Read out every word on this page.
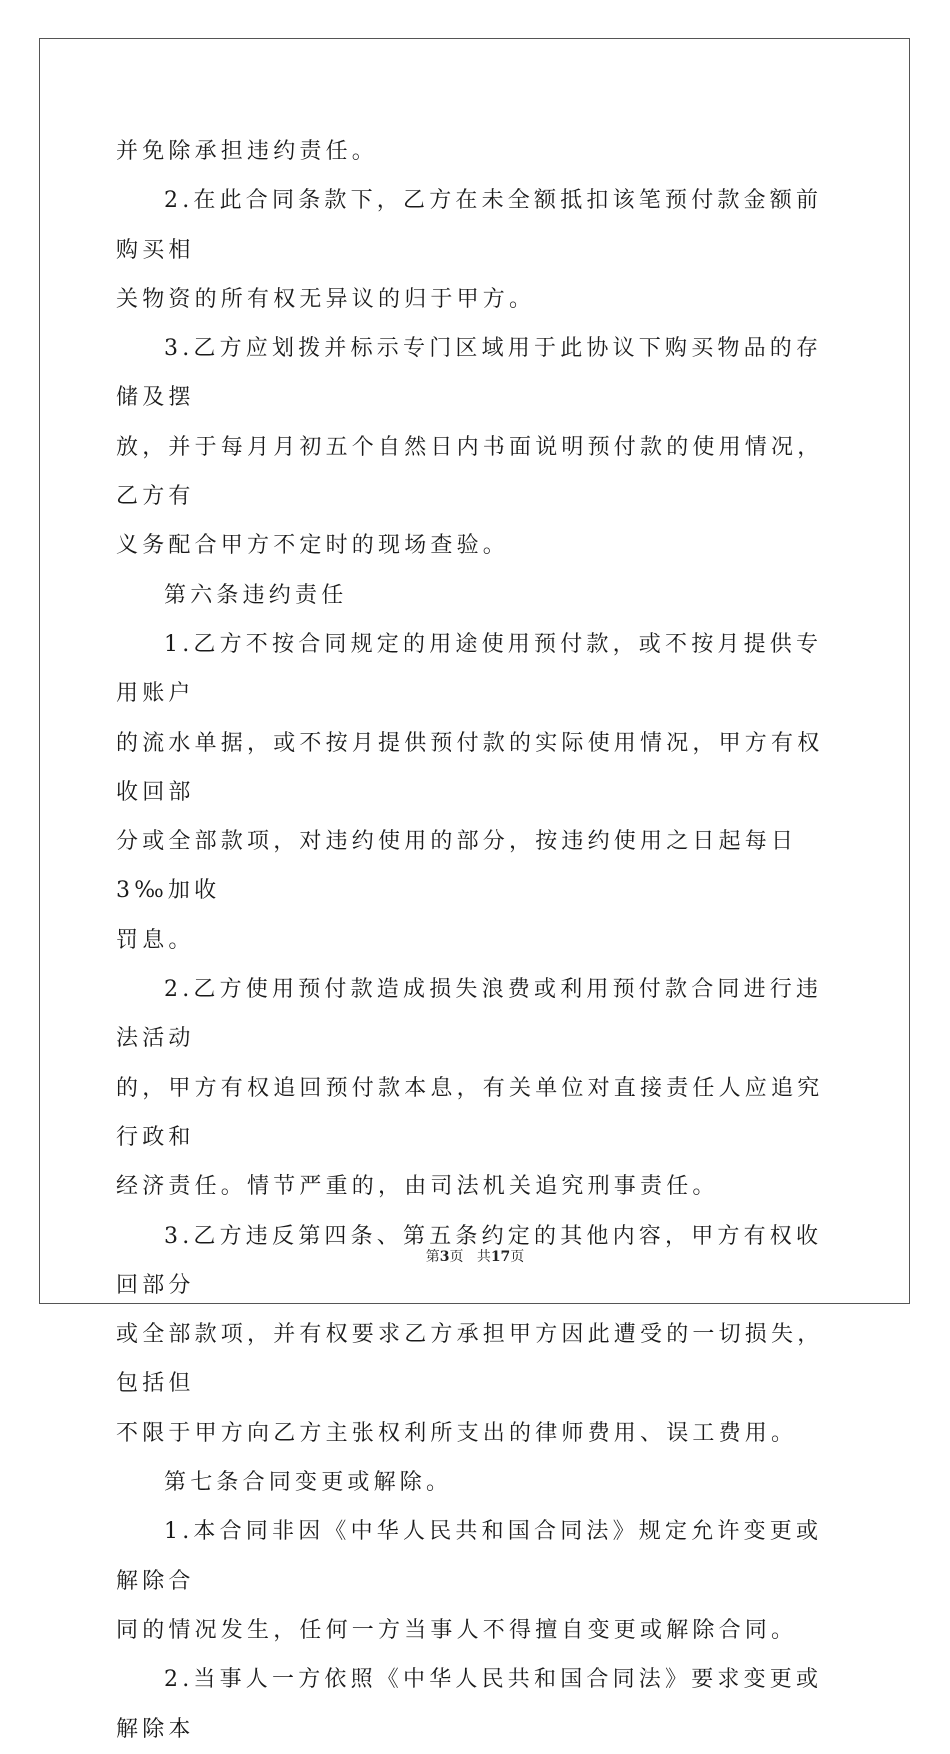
并免除承担违约责任。

2.在此合同条款下，乙方在未全额抵扣该笔预付款金额前购买相

关物资的所有权无异议的归于甲方。

3.乙方应划拨并标示专门区域用于此协议下购买物品的存储及摆

放，并于每月月初五个自然日内书面说明预付款的使用情况，乙方有

义务配合甲方不定时的现场查验。

第六条违约责任

1.乙方不按合同规定的用途使用预付款，或不按月提供专用账户

的流水单据，或不按月提供预付款的实际使用情况，甲方有权收回部

分或全部款项，对违约使用的部分，按违约使用之日起每日3‰加收

罚息。

2.乙方使用预付款造成损失浪费或利用预付款合同进行违法活动

的，甲方有权追回预付款本息，有关单位对直接责任人应追究行政和

经济责任。情节严重的，由司法机关追究刑事责任。

3.乙方违反第四条、第五条约定的其他内容，甲方有权收回部分

或全部款项，并有权要求乙方承担甲方因此遭受的一切损失，包括但

不限于甲方向乙方主张权利所支出的律师费用、误工费用。

第七条合同变更或解除。

1.本合同非因《中华人民共和国合同法》规定允许变更或解除合

同的情况发生，任何一方当事人不得擅自变更或解除合同。

2.当事人一方依照《中华人民共和国合同法》要求变更或解除本

第3页 共17页
